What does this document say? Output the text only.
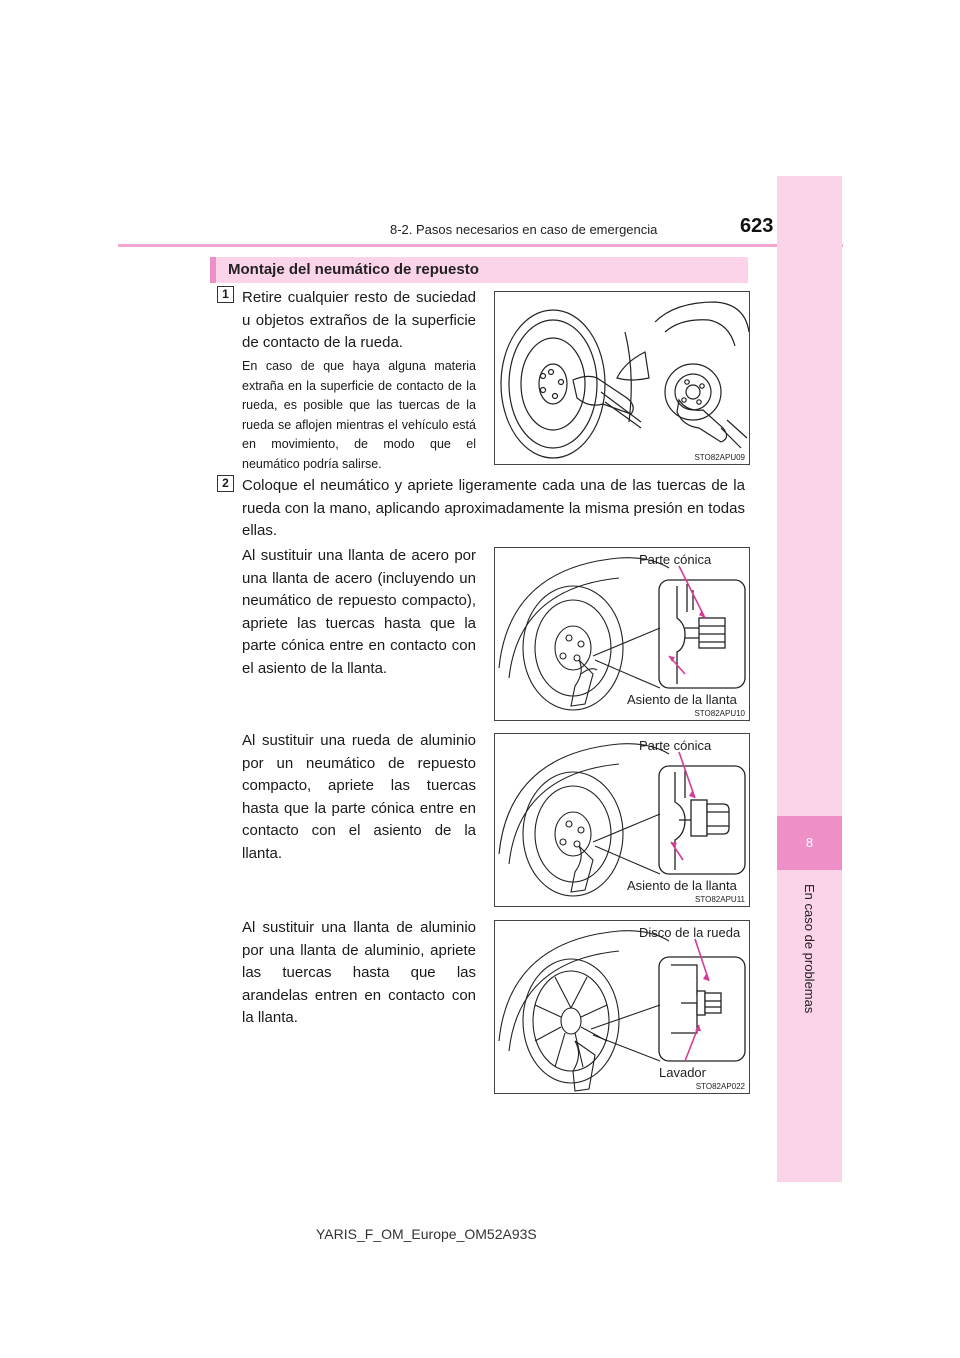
8-2. Pasos necesarios en caso de emergencia	623
8
En caso de problemas
Montaje del neumático de repuesto
1 Retire cualquier resto de suciedad u objetos extraños de la superficie de contacto de la rueda.
En caso de que haya alguna materia extraña en la superficie de contacto de la rueda, es posible que las tuercas de la rueda se aflojen mientras el vehículo está en movimiento, de modo que el neumático podría salirse.	STO82APU09
2 Coloque el neumático y apriete ligeramente cada una de las tuercas de la rueda con la mano, aplicando aproximadamente la misma presión en todas ellas.
Al sustituir una llanta de acero por una llanta de acero (incluyendo un neumático de repuesto compacto), apriete las tuercas hasta que la parte cónica entre en contacto con el asiento de la llanta.
Parte cónica
Asiento de la llanta
STO82APU10
Al sustituir una rueda de aluminio por un neumático de repuesto compacto, apriete las tuercas hasta que la parte cónica entre en contacto con el asiento de la llanta.
Parte cónica
Asiento de la llanta
STO82APU11
Al sustituir una llanta de aluminio por una llanta de aluminio, apriete las tuercas hasta que las arandelas entren en contacto con la llanta.
Disco de la rueda
Lavador
STO82AP022
YARIS_F_OM_Europe_OM52A93S
